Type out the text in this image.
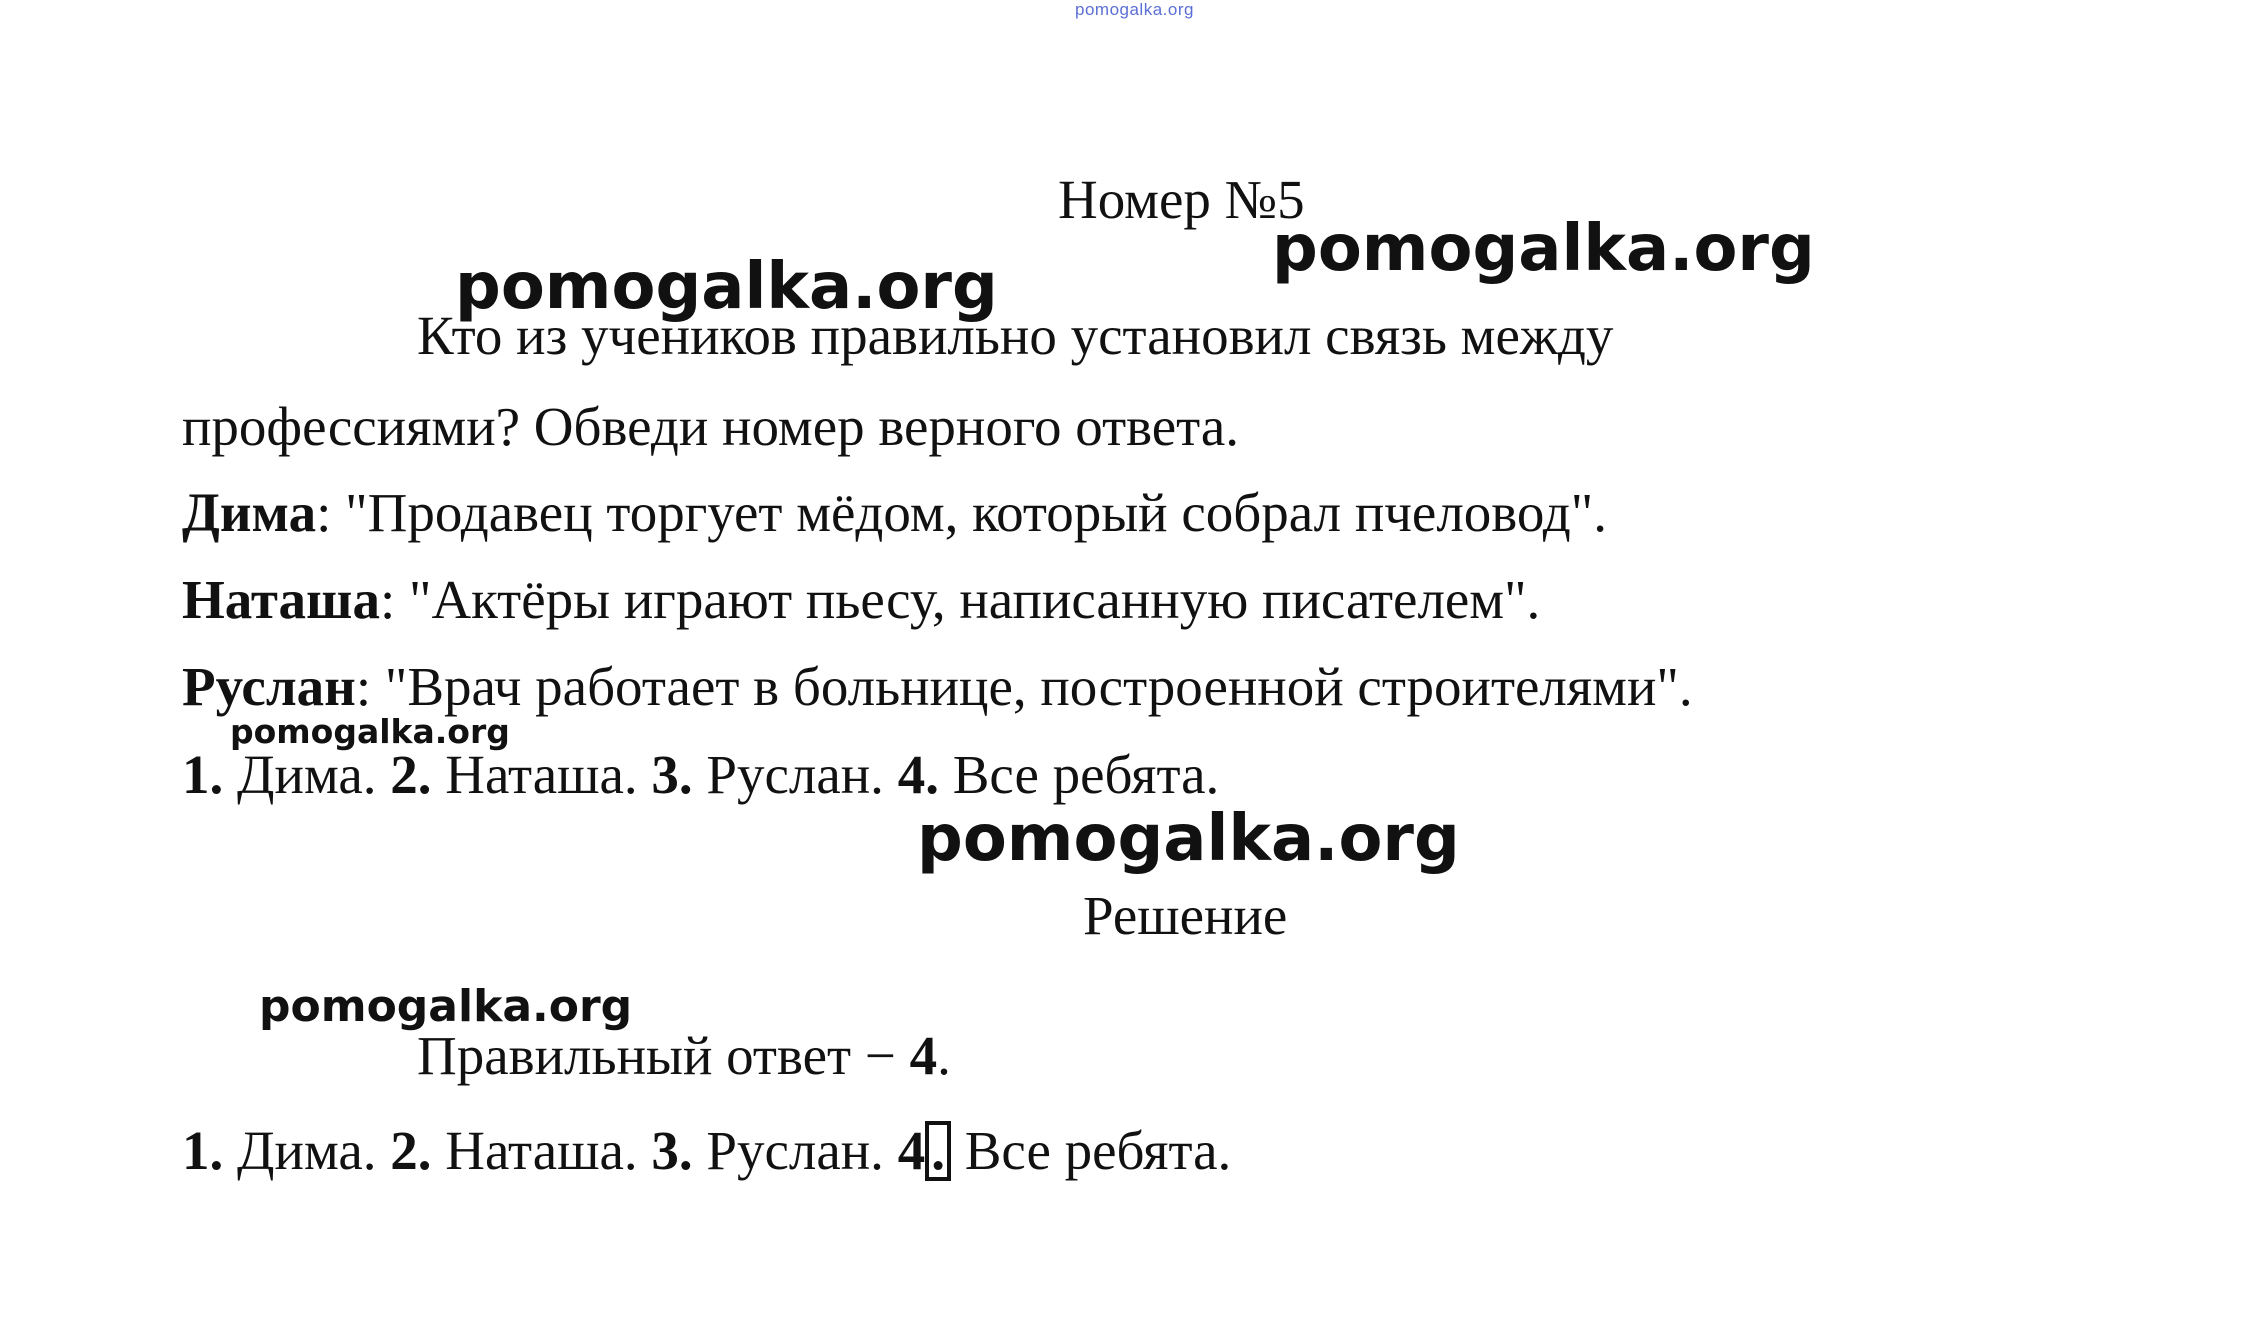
pomogalka.org
Номер №5
pomogalka.org
pomogalka.org
Кто из учеников правильно установил связь между
профессиями? Обведи номер верного ответа.
Дима: "Продавец торгует мёдом, который собрал пчеловод".
Наташа: "Актёры играют пьесу, написанную писателем".
Руслан: "Врач работает в больнице, построенной строителями".
pomogalka.org
1. Дима. 2. Наташа. 3. Руслан. 4. Все ребята.
pomogalka.org
Решение
pomogalka.org
Правильный ответ − 4.
1. Дима. 2. Наташа. 3. Руслан. 4 . Все ребята.
